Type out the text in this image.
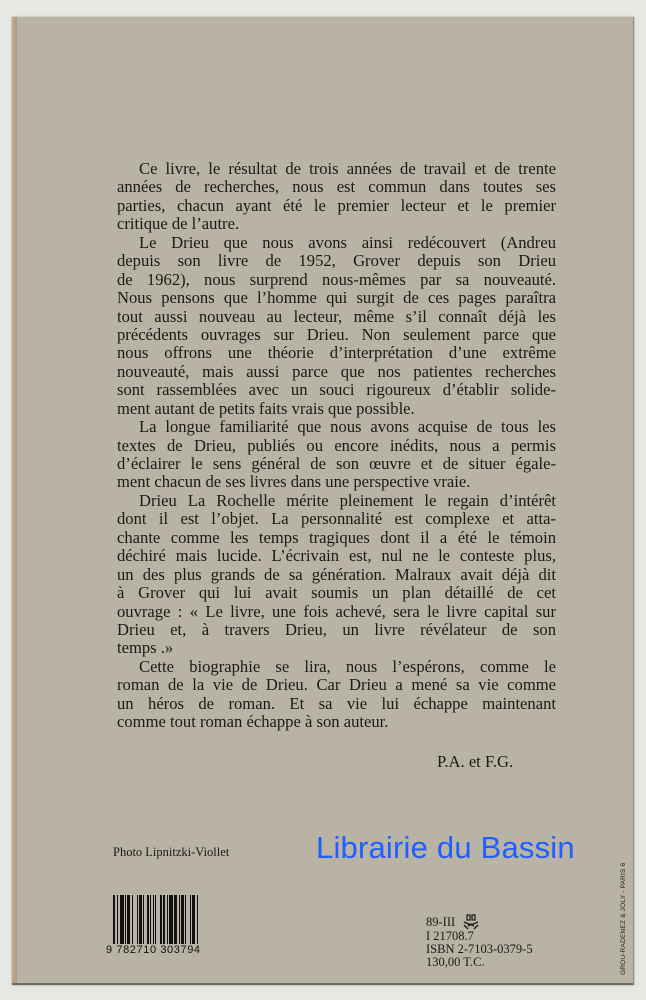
Ce livre, le résultat de trois années de travail et de trente
années de recherches, nous est commun dans toutes ses
parties, chacun ayant été le premier lecteur et le premier
critique de l’autre.
Le Drieu que nous avons ainsi redécouvert (Andreu
depuis son livre de 1952, Grover depuis son Drieu
de 1962), nous surprend nous-mêmes par sa nouveauté.
Nous pensons que l’homme qui surgit de ces pages paraîtra
tout aussi nouveau au lecteur, même s’il connaît déjà les
précédents ouvrages sur Drieu. Non seulement parce que
nous offrons une théorie d’interprétation d’une extrême
nouveauté, mais aussi parce que nos patientes recherches
sont rassemblées avec un souci rigoureux d’établir solide-
ment autant de petits faits vrais que possible.
La longue familiarité que nous avons acquise de tous les
textes de Drieu, publiés ou encore inédits, nous a permis
d’éclairer le sens général de son œuvre et de situer égale-
ment chacun de ses livres dans une perspective vraie.
Drieu La Rochelle mérite pleinement le regain d’intérêt
dont il est l’objet. La personnalité est complexe et atta-
chante comme les temps tragiques dont il a été le témoin
déchiré mais lucide. L’écrivain est, nul ne le conteste plus,
un des plus grands de sa génération. Malraux avait déjà dit
à Grover qui lui avait soumis un plan détaillé de cet
ouvrage : « Le livre, une fois achevé, sera le livre capital sur
Drieu et, à travers Drieu, un livre révélateur de son
temps .»
Cette biographie se lira, nous l’espérons, comme le
roman de la vie de Drieu. Car Drieu a mené sa vie comme
un héros de roman. Et sa vie lui échappe maintenant
comme tout roman échappe à son auteur.
P.A. et F.G.
Photo Lipnitzki-Viollet	Librairie du Bassin
9 782710 303794
89-III
I 21708.7
ISBN 2-7103-0379-5
130,00 T.C.	GROU-RADENEZ & JOLY - PARIS 6
